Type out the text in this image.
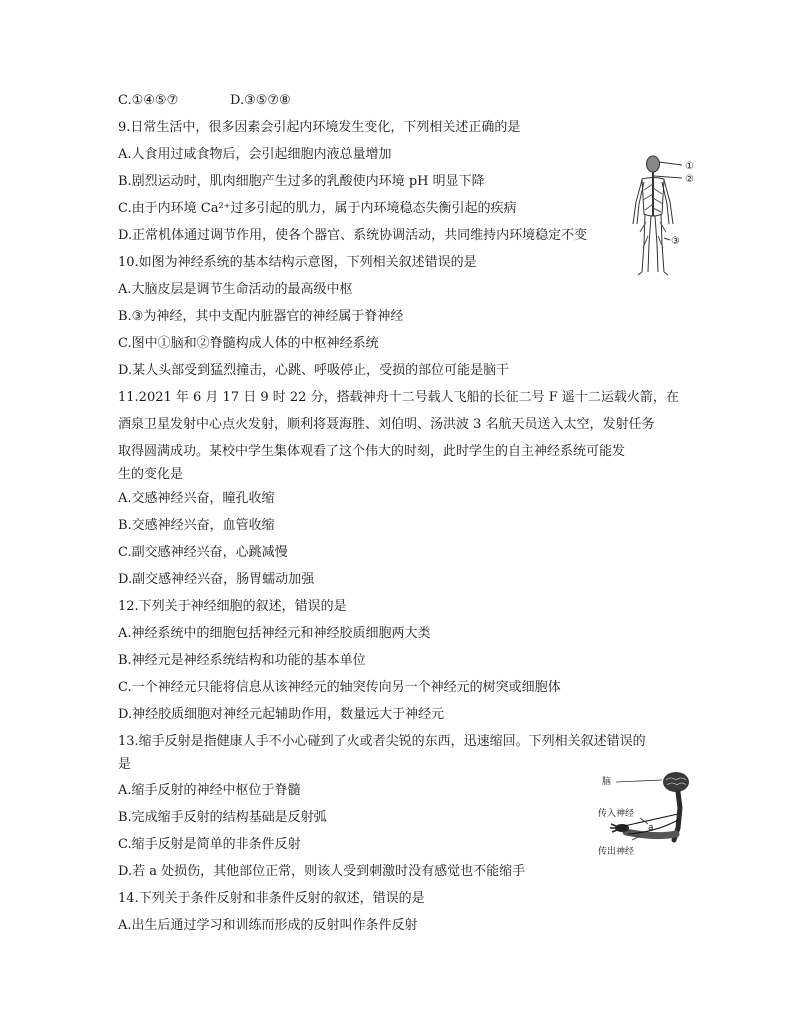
C.①④⑤⑦	D.③⑤⑦⑧
9.日常生活中，很多因素会引起内环境发生变化，下列相关述正确的是
A.人食用过咸食物后，会引起细胞内液总量增加
B.剧烈运动时，肌肉细胞产生过多的乳酸使内环境 pH 明显下降
C.由于内环境 Ca²⁺过多引起的肌力，属于内环境稳态失衡引起的疾病
D.正常机体通过调节作用，使各个器官、系统协调活动，共同维持内环境稳定不变
10.如图为神经系统的基本结构示意图，下列相关叙述错误的是
A.大脑皮层是调节生命活动的最高级中枢
B.③为神经，其中支配内脏器官的神经属于脊神经
C.图中①脑和②脊髓构成人体的中枢神经系统
D.某人头部受到猛烈撞击，心跳、呼吸停止，受损的部位可能是脑干
①
②
③
11.2021 年 6 月 17 日 9 时 22 分，搭载神舟十二号载人飞船的长征二号 F 遥十二运载火箭，在
酒泉卫星发射中心点火发射，顺利将聂海胜、刘伯明、汤洪波 3 名航天员送入太空，发射任务
取得圆满成功。某校中学生集体观看了这个伟大的时刻，此时学生的自主神经系统可能发
生的变化是
A.交感神经兴奋，瞳孔收缩
B.交感神经兴奋，血管收缩
C.副交感神经兴奋，心跳减慢
D.副交感神经兴奋，肠胃蠕动加强
12.下列关于神经细胞的叙述，错误的是
A.神经系统中的细胞包括神经元和神经胶质细胞两大类
B.神经元是神经系统结构和功能的基本单位
C.一个神经元只能将信息从该神经元的轴突传向另一个神经元的树突或细胞体
D.神经胶质细胞对神经元起辅助作用，数量远大于神经元
13.缩手反射是指健康人手不小心碰到了火或者尖锐的东西，迅速缩回。下列相关叙述错误的
是
A.缩手反射的神经中枢位于脊髓
B.完成缩手反射的结构基础是反射弧
C.缩手反射是简单的非条件反射
D.若 a 处损伤，其他部位正常，则该人受到刺激时没有感觉也不能缩手
脑
传入神经
a
传出神经
14.下列关于条件反射和非条件反射的叙述，错误的是
A.出生后通过学习和训练而形成的反射叫作条件反射
